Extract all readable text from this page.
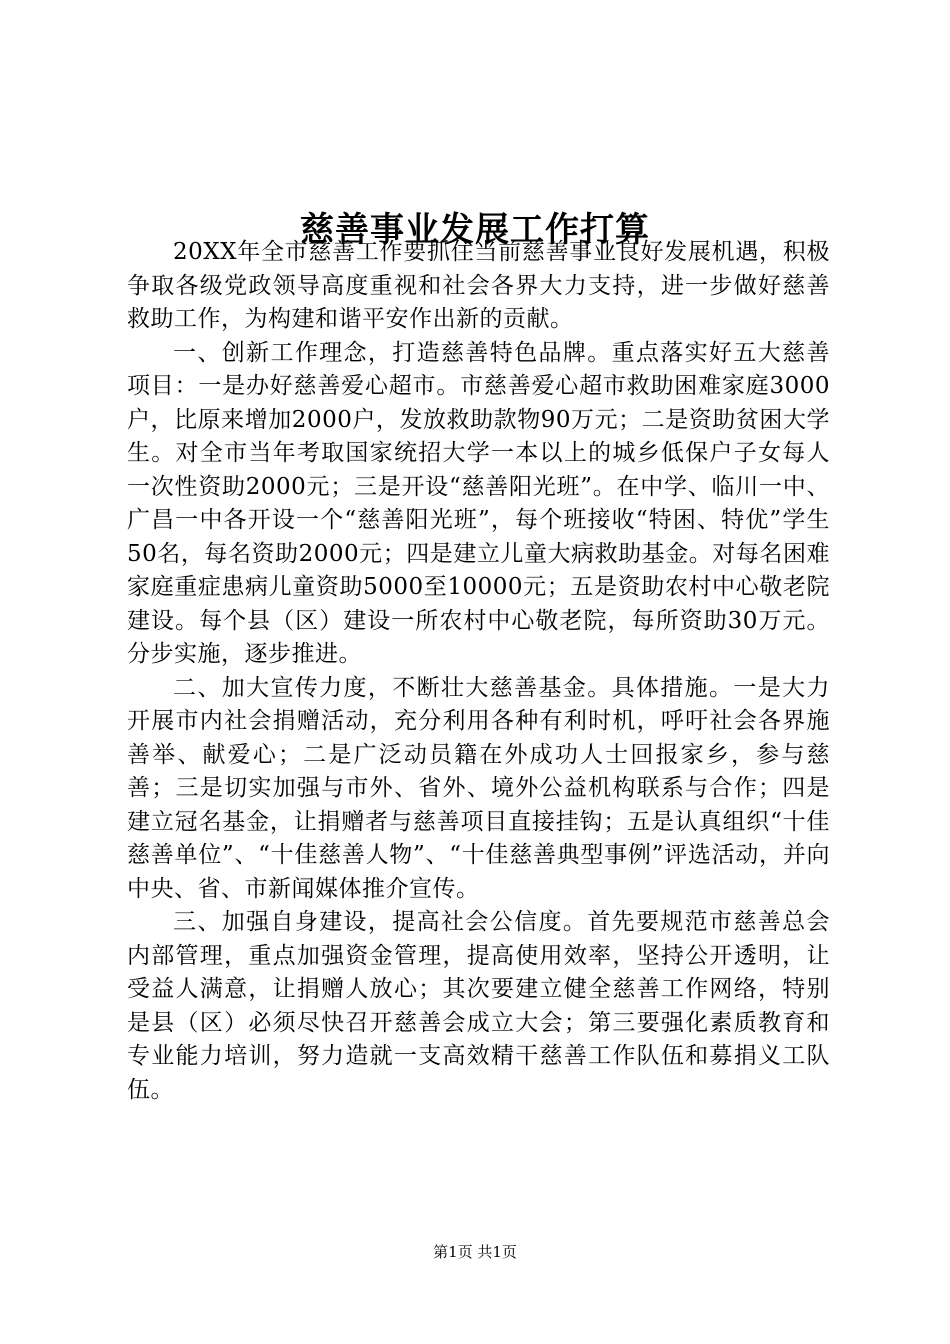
慈善事业发展工作打算

20XX年全市慈善工作要抓住当前慈善事业良好发展机遇，积极争取各级党政领导高度重视和社会各界大力支持，进一步做好慈善救助工作，为构建和谐平安作出新的贡献。

一、创新工作理念，打造慈善特色品牌。重点落实好五大慈善项目：一是办好慈善爱心超市。市慈善爱心超市救助困难家庭3000户，比原来增加2000户，发放救助款物90万元；二是资助贫困大学生。对全市当年考取国家统招大学一本以上的城乡低保户子女每人一次性资助2000元；三是开设“慈善阳光班”。在中学、临川一中、广昌一中各开设一个“慈善阳光班”，每个班接收“特困、特优”学生50名，每名资助2000元；四是建立儿童大病救助基金。对每名困难家庭重症患病儿童资助5000至10000元；五是资助农村中心敬老院建设。每个县（区）建设一所农村中心敬老院，每所资助30万元。分步实施，逐步推进。

二、加大宣传力度，不断壮大慈善基金。具体措施。一是大力开展市内社会捐赠活动，充分利用各种有利时机，呼吁社会各界施善举、献爱心；二是广泛动员籍在外成功人士回报家乡，参与慈善；三是切实加强与市外、省外、境外公益机构联系与合作；四是建立冠名基金，让捐赠者与慈善项目直接挂钩；五是认真组织“十佳慈善单位”、“十佳慈善人物”、“十佳慈善典型事例”评选活动，并向中央、省、市新闻媒体推介宣传。

三、加强自身建设，提高社会公信度。首先要规范市慈善总会内部管理，重点加强资金管理，提高使用效率，坚持公开透明，让受益人满意，让捐赠人放心；其次要建立健全慈善工作网络，特别是县（区）必须尽快召开慈善会成立大会；第三要强化素质教育和专业能力培训，努力造就一支高效精干慈善工作队伍和募捐义工队伍。

第1页 共1页
